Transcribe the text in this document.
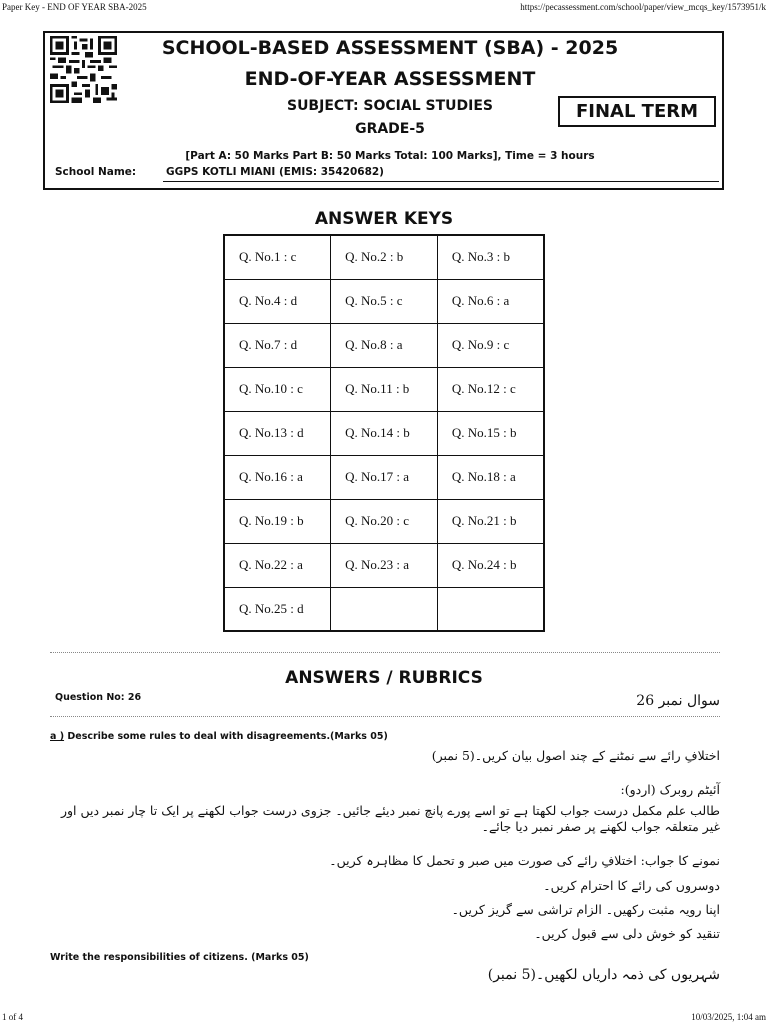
Paper Key - END OF YEAR SBA-2025	https://pecassessment.com/school/paper/view_mcqs_key/1573951/k
SCHOOL-BASED ASSESSMENT (SBA) - 2025
END-OF-YEAR ASSESSMENT
SUBJECT: SOCIAL STUDIES
GRADE-5
FINAL TERM
[Part A: 50 Marks Part B: 50 Marks Total: 100 Marks], Time = 3 hours
School Name:	GGPS KOTLI MIANI (EMIS: 35420682)
ANSWER KEYS
Q. No.1 : c	Q. No.2 : b	Q. No.3 : b
Q. No.4 : d	Q. No.5 : c	Q. No.6 : a
Q. No.7 : d	Q. No.8 : a	Q. No.9 : c
Q. No.10 : c	Q. No.11 : b	Q. No.12 : c
Q. No.13 : d	Q. No.14 : b	Q. No.15 : b
Q. No.16 : a	Q. No.17 : a	Q. No.18 : a
Q. No.19 : b	Q. No.20 : c	Q. No.21 : b
Q. No.22 : a	Q. No.23 : a	Q. No.24 : b
Q. No.25 : d		
ANSWERS / RUBRICS
Question No: 26	سوال نمبر 26
a ) Describe some rules to deal with disagreements.(Marks 05)
اختلافِ رائے سے نمٹنے کے چند اصول بیان کریں۔(5 نمبر)
آئیٹم روبرک (اردو):
طالب علم مکمل درست جواب لکھتا ہے تو اسے پورے پانچ نمبر دیئے جائیں۔ جزوی درست جواب لکھنے پر ایک تا چار نمبر دیں اور غیر متعلقہ جواب لکھنے پر صفر نمبر دیا جائے۔
نمونے کا جواب: اختلافِ رائے کی صورت میں صبر و تحمل کا مظاہرہ کریں۔
دوسروں کی رائے کا احترام کریں۔
اپنا رویہ مثبت رکھیں۔ الزام تراشی سے گریز کریں۔
تنقید کو خوش دلی سے قبول کریں۔
Write the responsibilities of citizens. (Marks 05)
شہریوں کی ذمہ داریاں لکھیں۔(5 نمبر)
1 of 4	10/03/2025, 1:04 am
